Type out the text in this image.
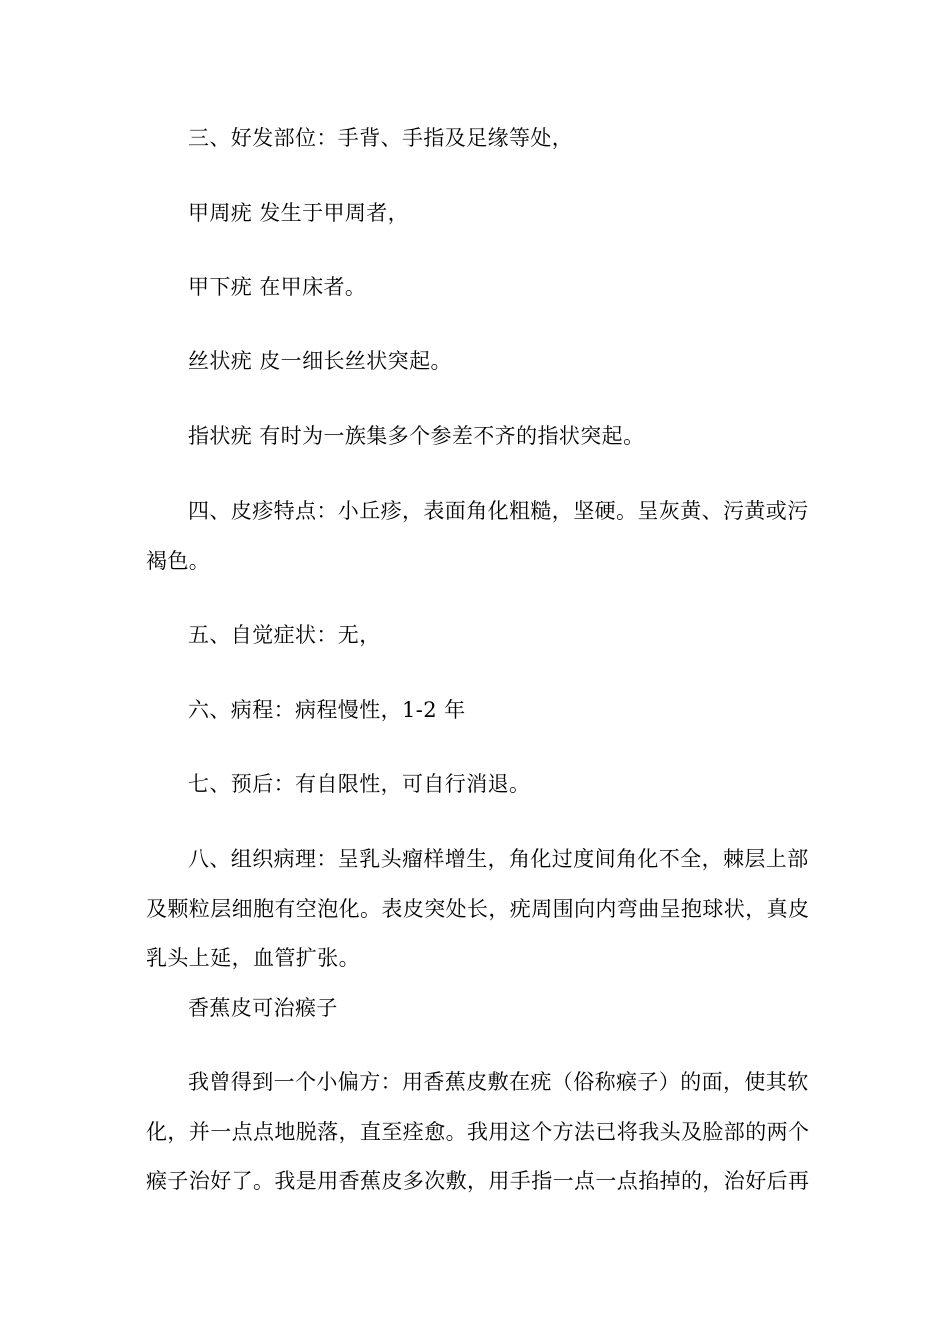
三、好发部位：手背、手指及足缘等处，

甲周疣 发生于甲周者，

甲下疣 在甲床者。

丝状疣 皮一细长丝状突起。

指状疣 有时为一族集多个参差不齐的指状突起。

四、皮疹特点：小丘疹，表面角化粗糙，坚硬。呈灰黄、污黄或污

褐色。

五、自觉症状：无，

六、病程：病程慢性，1-2 年

七、预后：有自限性，可自行消退。

八、组织病理：呈乳头瘤样增生，角化过度间角化不全，棘层上部

及颗粒层细胞有空泡化。表皮突处长，疣周围向内弯曲呈抱球状，真皮

乳头上延，血管扩张。

香蕉皮可治瘊子

我曾得到一个小偏方：用香蕉皮敷在疣（俗称瘊子）的面，使其软

化，并一点点地脱落，直至痊愈。我用这个方法已将我头及脸部的两个

瘊子治好了。我是用香蕉皮多次敷，用手指一点一点掐掉的，治好后再
